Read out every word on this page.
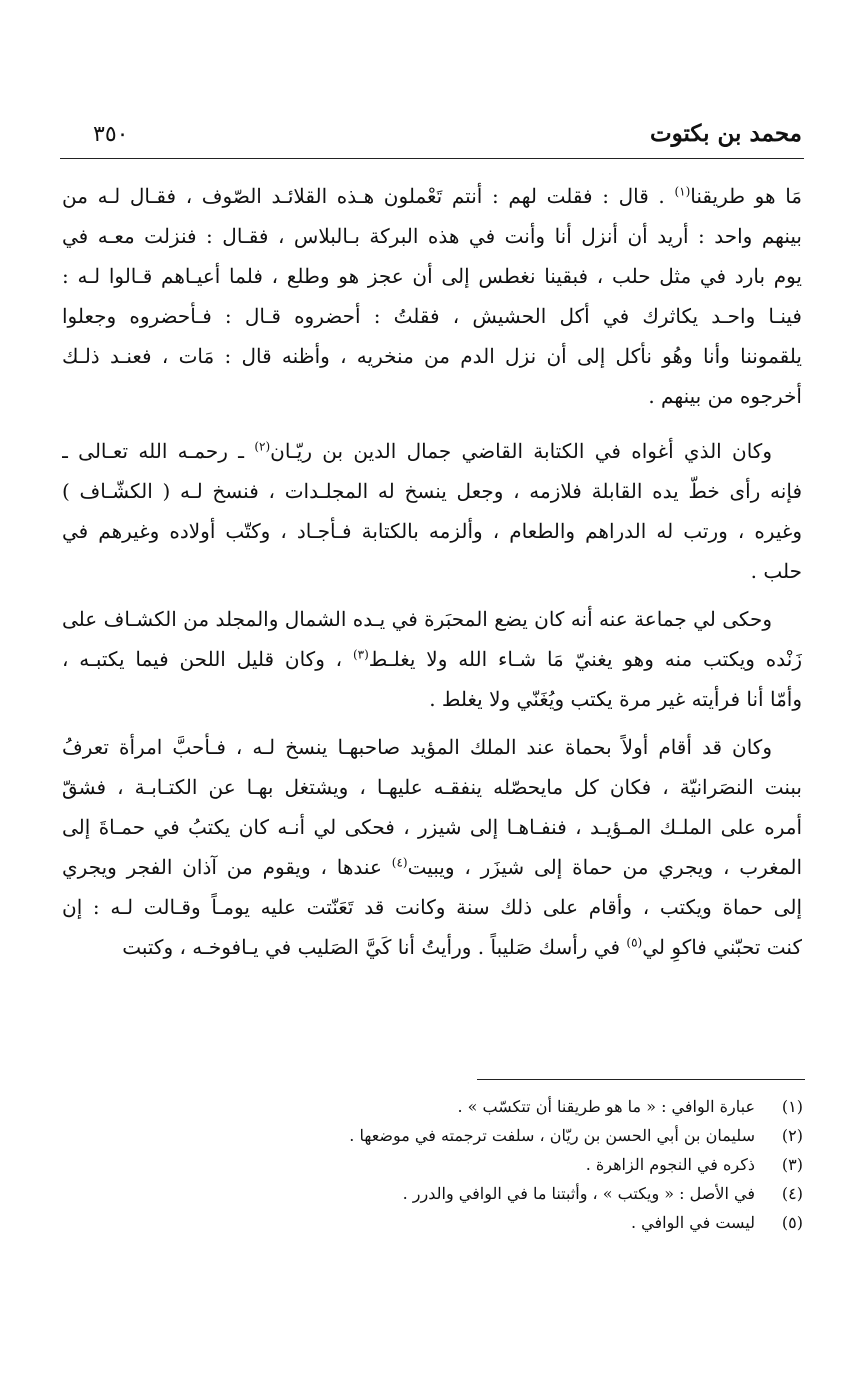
محمد بن بكتوت
٣٥٠
مَا هو طريقنا$^{(١)}$ . قال : فقلت لهم : أنتم تَعْملون هـذه القلائـد الصّوف ، فقـال لـه من
بينهم واحد : أريد أن أنزل أنا وأنت في هذه البركة بـالبلاس ، فقـال : فنزلت معـه في
يوم بارد في مثل حلب ، فبقينا نغطس إلى أن عجز هو وطلع ، فلما أعيـاهم قـالوا لـه :
فينـا واحـد يكاثرك في أكل الحشيش ، فقلتُ : أحضروه قـال : فـأحضروه وجعلوا
يلقموننا وأنا وهُو نأكل إلى أن نزل الدم من منخريه ، وأظنه قال : مَات ، فعنـد ذلـك
أخرجوه من بينهم .
وكان الذي أغواه في الكتابة القاضي جمال الدين بن ريّـان$^{(٢)}$ ـ رحمـه الله تعـالى ـ
فإنه رأى خطّ يده القابلة فلازمه ، وجعل ينسخ له المجلـدات ، فنسخ لـه ( الكشّـاف )
وغيره ، ورتب له الدراهم والطعام ، وألزمه بالكتابة فـأجـاد ، وكتّب أولاده وغيرهم في
حلب .
وحكى لي جماعة عنه أنه كان يضع المحبَرة في يـده الشمال والمجلد من الكشـاف على
زَنْده ويكتب منه وهو يغنيّ مَا شـاء الله ولا يغلـط$^{(٣)}$ ، وكان قليل اللحن فيما يكتبـه ،
وأمّا أنا فرأيته غير مرة يكتب ويُغَنّي ولا يغلط .
وكان قد أقام أولاً بحماة عند الملك المؤيد صاحبهـا ينسخ لـه ، فـأحبَّ امرأة تعرفُ
ببنت النصَرانيّة ، فكان كل مايحصّله ينفقـه عليهـا ، ويشتغل بهـا عن الكتـابـة ، فشقّ
أمره على الملـك المـؤيـد ، فنفـاهـا إلى شيزر ، فحكى لي أنـه كان يكتبُ في حمـاةَ إلى
المغرب ، ويجري من حماة إلى شيزَر ، ويبيت$^{(٤)}$ عندها ، ويقوم من آذان الفجر ويجري
إلى حماة ويكتب ، وأقام على ذلك سنة وكانت قد تَعَنّتت عليه يومـاً وقـالت لـه : إن
كنت تحبّني فاكوِ لي$^{(٥)}$ في رأسك صَليباً . ورأيتُ أنا كَيَّ الصَليب في يـافوخـه ، وكتبت
(١)
عبارة الوافي : « ما هو طريقنا أن تتكسّب » .
(٢)
سليمان بن أبي الحسن بن ريّان ، سلفت ترجمته في موضعها .
(٣)
ذكره في النجوم الزاهرة .
(٤)
في الأصل : « ويكتب » ، وأثبتنا ما في الوافي والدرر .
(٥)
ليست في الوافي .
